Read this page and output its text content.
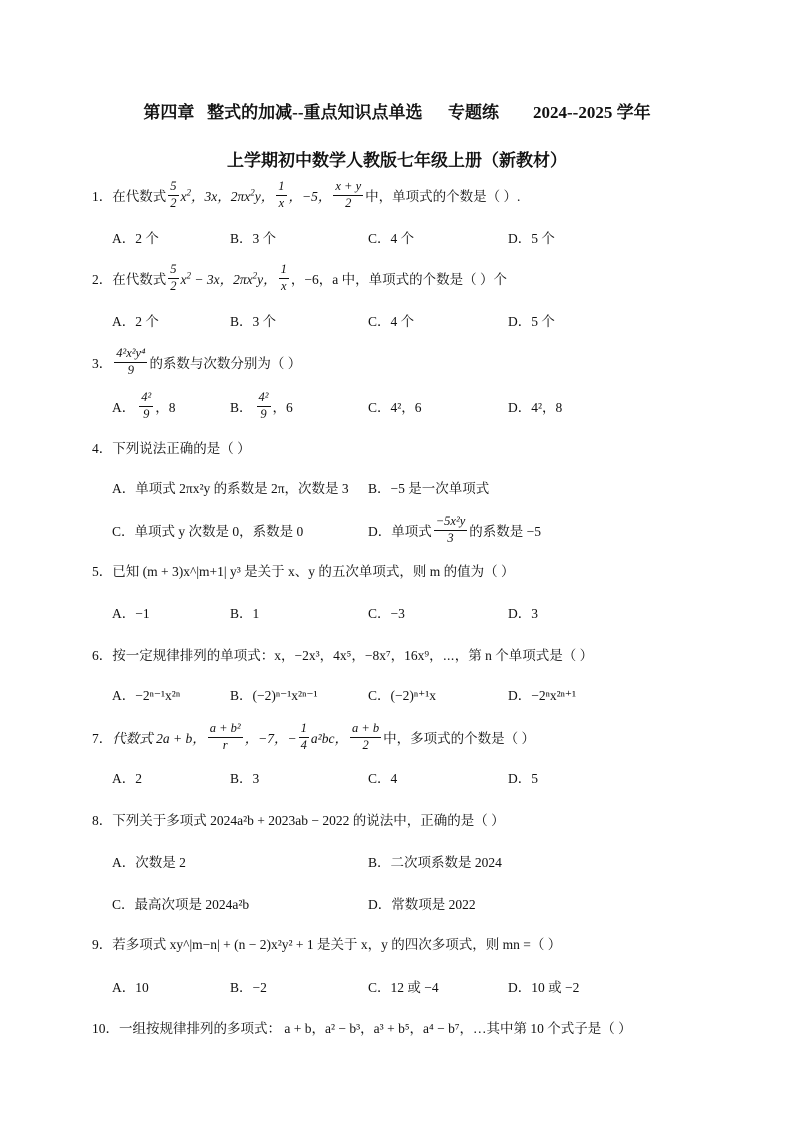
第四章   整式的加减--重点知识点单选      专题练        2024--2025 学年
上学期初中数学人教版七年级上册（新教材）
1． 在代数式 $\frac{5}{2} x^2$，3x，$2\pi x^2y$， $\frac{1}{x}$ ，−5， $\frac{x + y}{2}$ 中，单项式的个数是（ ）.
A．2 个	B．3 个	C．4 个	D．5 个
2． 在代数式 $\frac{5}{2} x^2 - 3x$，$2\pi x^2y$， $\frac{1}{x}$ ，−6，a 中，单项式的个数是（ ）个
A．2 个	B．3 个	C．4 个	D．5 个
3． $\frac{\text{4²x²y⁴}}{9}$ 的系数与次数分别为（ ）
A． $\frac{\text{4²}}{9}$ ，8	B． $\frac{\text{4²}}{9}$ ，6	C．4²，6	D．4²，8
4． 下列说法正确的是（ ）
A．单项式 2πx²y 的系数是 2π，次数是 3 B．−5 是一次单项式
C．单项式 y 次数是 0，系数是 0	D．单项式 $\frac{\text{−5x²y}}{3}$ 的系数是 −5
5． 已知 (m + 3)x^|m+1| y³ 是关于 x、y 的五次单项式，则 m 的值为（ ）
A．−1	B．1	C．−3	D．3
6． 按一定规律排列的单项式：x，−2x³，4x⁵，−8x⁷，16x⁹，⋯，第 n 个单项式是（ ）
A．−2ⁿ⁻¹x²ⁿ	B．(−2)ⁿ⁻¹x²ⁿ⁻¹	C．(−2)ⁿ⁺¹x	D．−2ⁿx²ⁿ⁺¹
7． 代数式 2a + b， $\frac{\text{a + b²}}{r}$ ，−7，− $\frac{1}{4} a^2bc$， $\frac{a + b}{2}$ 中，多项式的个数是（ ）
A．2	B．3	C．4	D．5
8． 下列关于多项式 2024a²b + 2023ab − 2022 的说法中，正确的是（ ）
A．次数是 2	B．二次项系数是 2024
C．最高次项是 2024a²b	D．常数项是 2022
9． 若多项式 xy^|m−n| + (n − 2)x²y² + 1 是关于 x，y 的四次多项式，则 mn =（ ）
A．10	B．−2	C．12 或 −4	D．10 或 −2
10． 一组按规律排列的多项式： a + b，a² − b³，a³ + b⁵，a⁴ − b⁷，…其中第 10 个式子是（ ）
